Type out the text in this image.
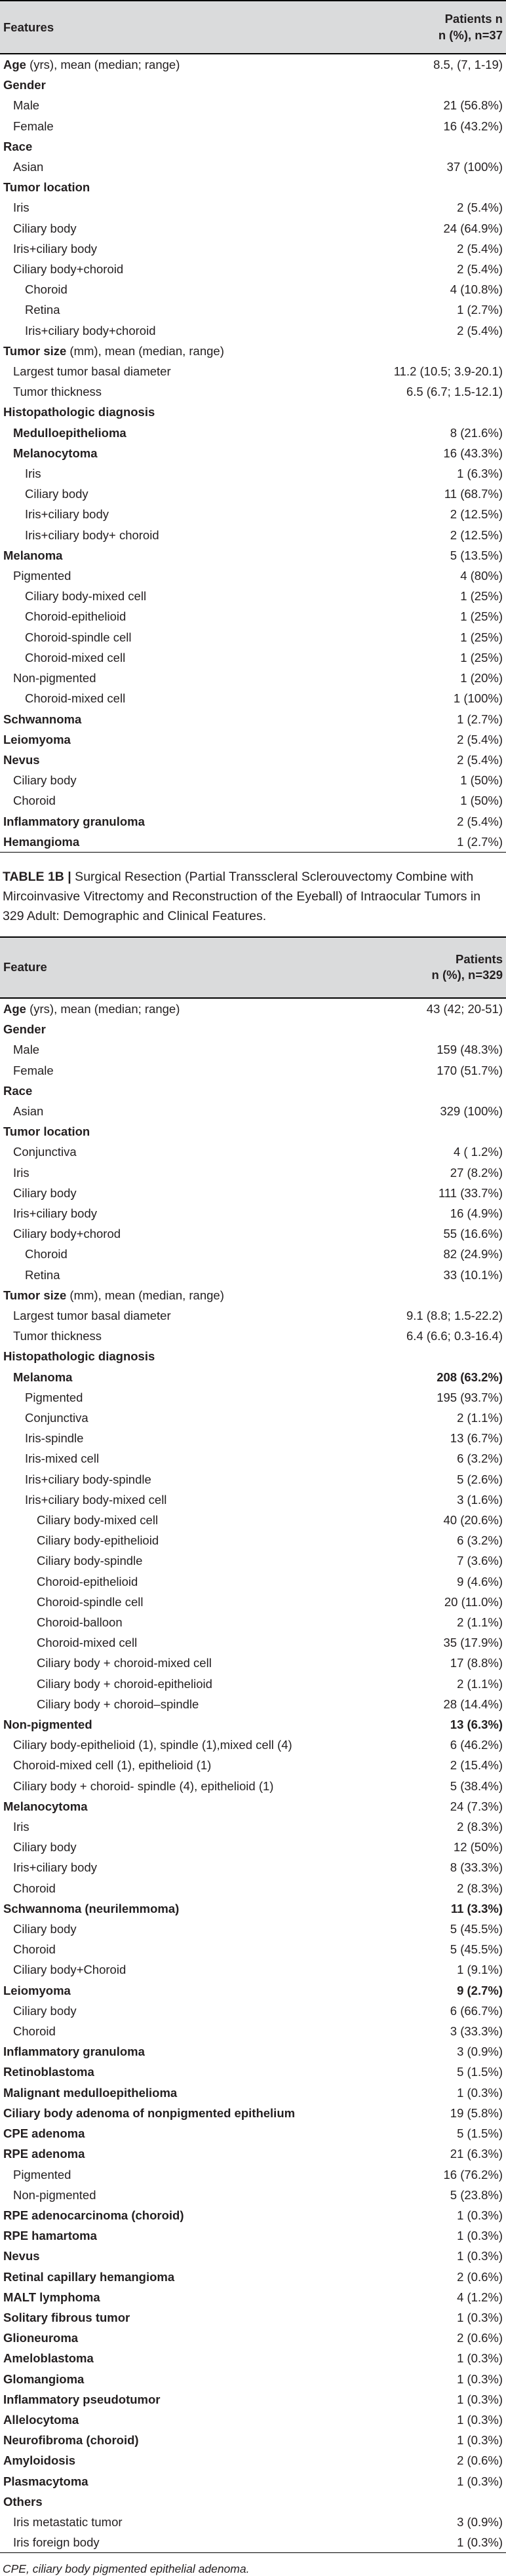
Features	Patients n
n (%), n=37
Age (yrs), mean (median; range)	8.5, (7, 1-19)
Gender	
Male	21 (56.8%)
Female	16 (43.2%)
Race	
Asian	37 (100%)
Tumor location	
Iris	2 (5.4%)
Ciliary body	24 (64.9%)
Iris+ciliary body	2 (5.4%)
Ciliary body+choroid	2 (5.4%)
Choroid	4 (10.8%)
Retina	1 (2.7%)
Iris+ciliary body+choroid	2 (5.4%)
Tumor size (mm), mean (median, range)	
Largest tumor basal diameter	11.2 (10.5; 3.9-20.1)
Tumor thickness	6.5 (6.7; 1.5-12.1)
Histopathologic diagnosis	
Medulloepithelioma	8 (21.6%)
Melanocytoma	16 (43.3%)
Iris	1 (6.3%)
Ciliary body	11 (68.7%)
Iris+ciliary body	2 (12.5%)
Iris+ciliary body+ choroid	2 (12.5%)
Melanoma	5 (13.5%)
Pigmented	4 (80%)
Ciliary body-mixed cell	1 (25%)
Choroid-epithelioid	1 (25%)
Choroid-spindle cell	1 (25%)
Choroid-mixed cell	1 (25%)
Non-pigmented	1 (20%)
Choroid-mixed cell	1 (100%)
Schwannoma	1 (2.7%)
Leiomyoma	2 (5.4%)
Nevus	2 (5.4%)
Ciliary body	1 (50%)
Choroid	1 (50%)
Inflammatory granuloma	2 (5.4%)
Hemangioma	1 (2.7%)
TABLE 1B | Surgical Resection (Partial Transscleral Sclerouvectomy Combine with Mircoinvasive Vitrectomy and Reconstruction of the Eyeball) of Intraocular Tumors in 329 Adult: Demographic and Clinical Features.
Feature	Patients
n (%), n=329
Age (yrs), mean (median; range)	43 (42; 20-51)
Gender	
Male	159 (48.3%)
Female	170 (51.7%)
Race	
Asian	329 (100%)
Tumor location	
Conjunctiva	4 ( 1.2%)
Iris	27 (8.2%)
Ciliary body	111 (33.7%)
Iris+ciliary body	16 (4.9%)
Ciliary body+chorod	55 (16.6%)
Choroid	82 (24.9%)
Retina	33 (10.1%)
Tumor size (mm), mean (median, range)	
Largest tumor basal diameter	9.1 (8.8; 1.5-22.2)
Tumor thickness	6.4 (6.6; 0.3-16.4)
Histopathologic diagnosis	
Melanoma	208 (63.2%)
Pigmented	195 (93.7%)
Conjunctiva	2 (1.1%)
Iris-spindle	13 (6.7%)
Iris-mixed cell	6 (3.2%)
Iris+ciliary body-spindle	5 (2.6%)
Iris+ciliary body-mixed cell	3 (1.6%)
Ciliary body-mixed cell	40 (20.6%)
Ciliary body-epithelioid	6 (3.2%)
Ciliary body-spindle	7 (3.6%)
Choroid-epithelioid	9 (4.6%)
Choroid-spindle cell	20 (11.0%)
Choroid-balloon	2 (1.1%)
Choroid-mixed cell	35 (17.9%)
Ciliary body + choroid-mixed cell	17 (8.8%)
Ciliary body + choroid-epithelioid	2 (1.1%)
Ciliary body + choroid–spindle	28 (14.4%)
Non-pigmented	13 (6.3%)
Ciliary body-epithelioid (1), spindle (1),mixed cell (4)	6 (46.2%)
Choroid-mixed cell (1), epithelioid (1)	2 (15.4%)
Ciliary body + choroid- spindle (4), epithelioid (1)	5 (38.4%)
Melanocytoma	24 (7.3%)
Iris	2 (8.3%)
Ciliary body	12 (50%)
Iris+ciliary body	8 (33.3%)
Choroid	2 (8.3%)
Schwannoma (neurilemmoma)	11 (3.3%)
Ciliary body	5 (45.5%)
Choroid	5 (45.5%)
Ciliary body+Choroid	1 (9.1%)
Leiomyoma	9 (2.7%)
Ciliary body	6 (66.7%)
Choroid	3 (33.3%)
Inflammatory granuloma	3 (0.9%)
Retinoblastoma	5 (1.5%)
Malignant medulloepithelioma	1 (0.3%)
Ciliary body adenoma of nonpigmented epithelium	19 (5.8%)
CPE adenoma	5 (1.5%)
RPE adenoma	21 (6.3%)
Pigmented	16 (76.2%)
Non-pigmented	5 (23.8%)
RPE adenocarcinoma (choroid)	1 (0.3%)
RPE hamartoma	1 (0.3%)
Nevus	1 (0.3%)
Retinal capillary hemangioma	2 (0.6%)
MALT lymphoma	4 (1.2%)
Solitary fibrous tumor	1 (0.3%)
Glioneuroma	2 (0.6%)
Ameloblastoma	1 (0.3%)
Glomangioma	1 (0.3%)
Inflammatory pseudotumor	1 (0.3%)
Allelocytoma	1 (0.3%)
Neurofibroma (choroid)	1 (0.3%)
Amyloidosis	2 (0.6%)
Plasmacytoma	1 (0.3%)
Others	
Iris metastatic tumor	3 (0.9%)
Iris foreign body	1 (0.3%)
CPE, ciliary body pigmented epithelial adenoma.
